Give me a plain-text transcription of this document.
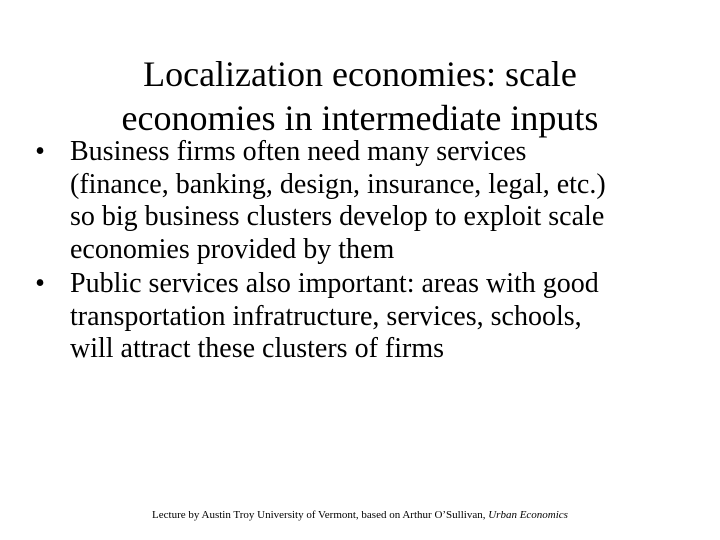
Localization economies: scale
economies in intermediate inputs
• Business firms often need many services
(finance, banking, design, insurance, legal, etc.)
so big business clusters develop to exploit scale
economies provided by them
• Public services also important: areas with good
transportation infratructure, services, schools,
will attract these clusters of firms
Lecture by Austin Troy University of Vermont, based on Arthur O’Sullivan, Urban Economics
